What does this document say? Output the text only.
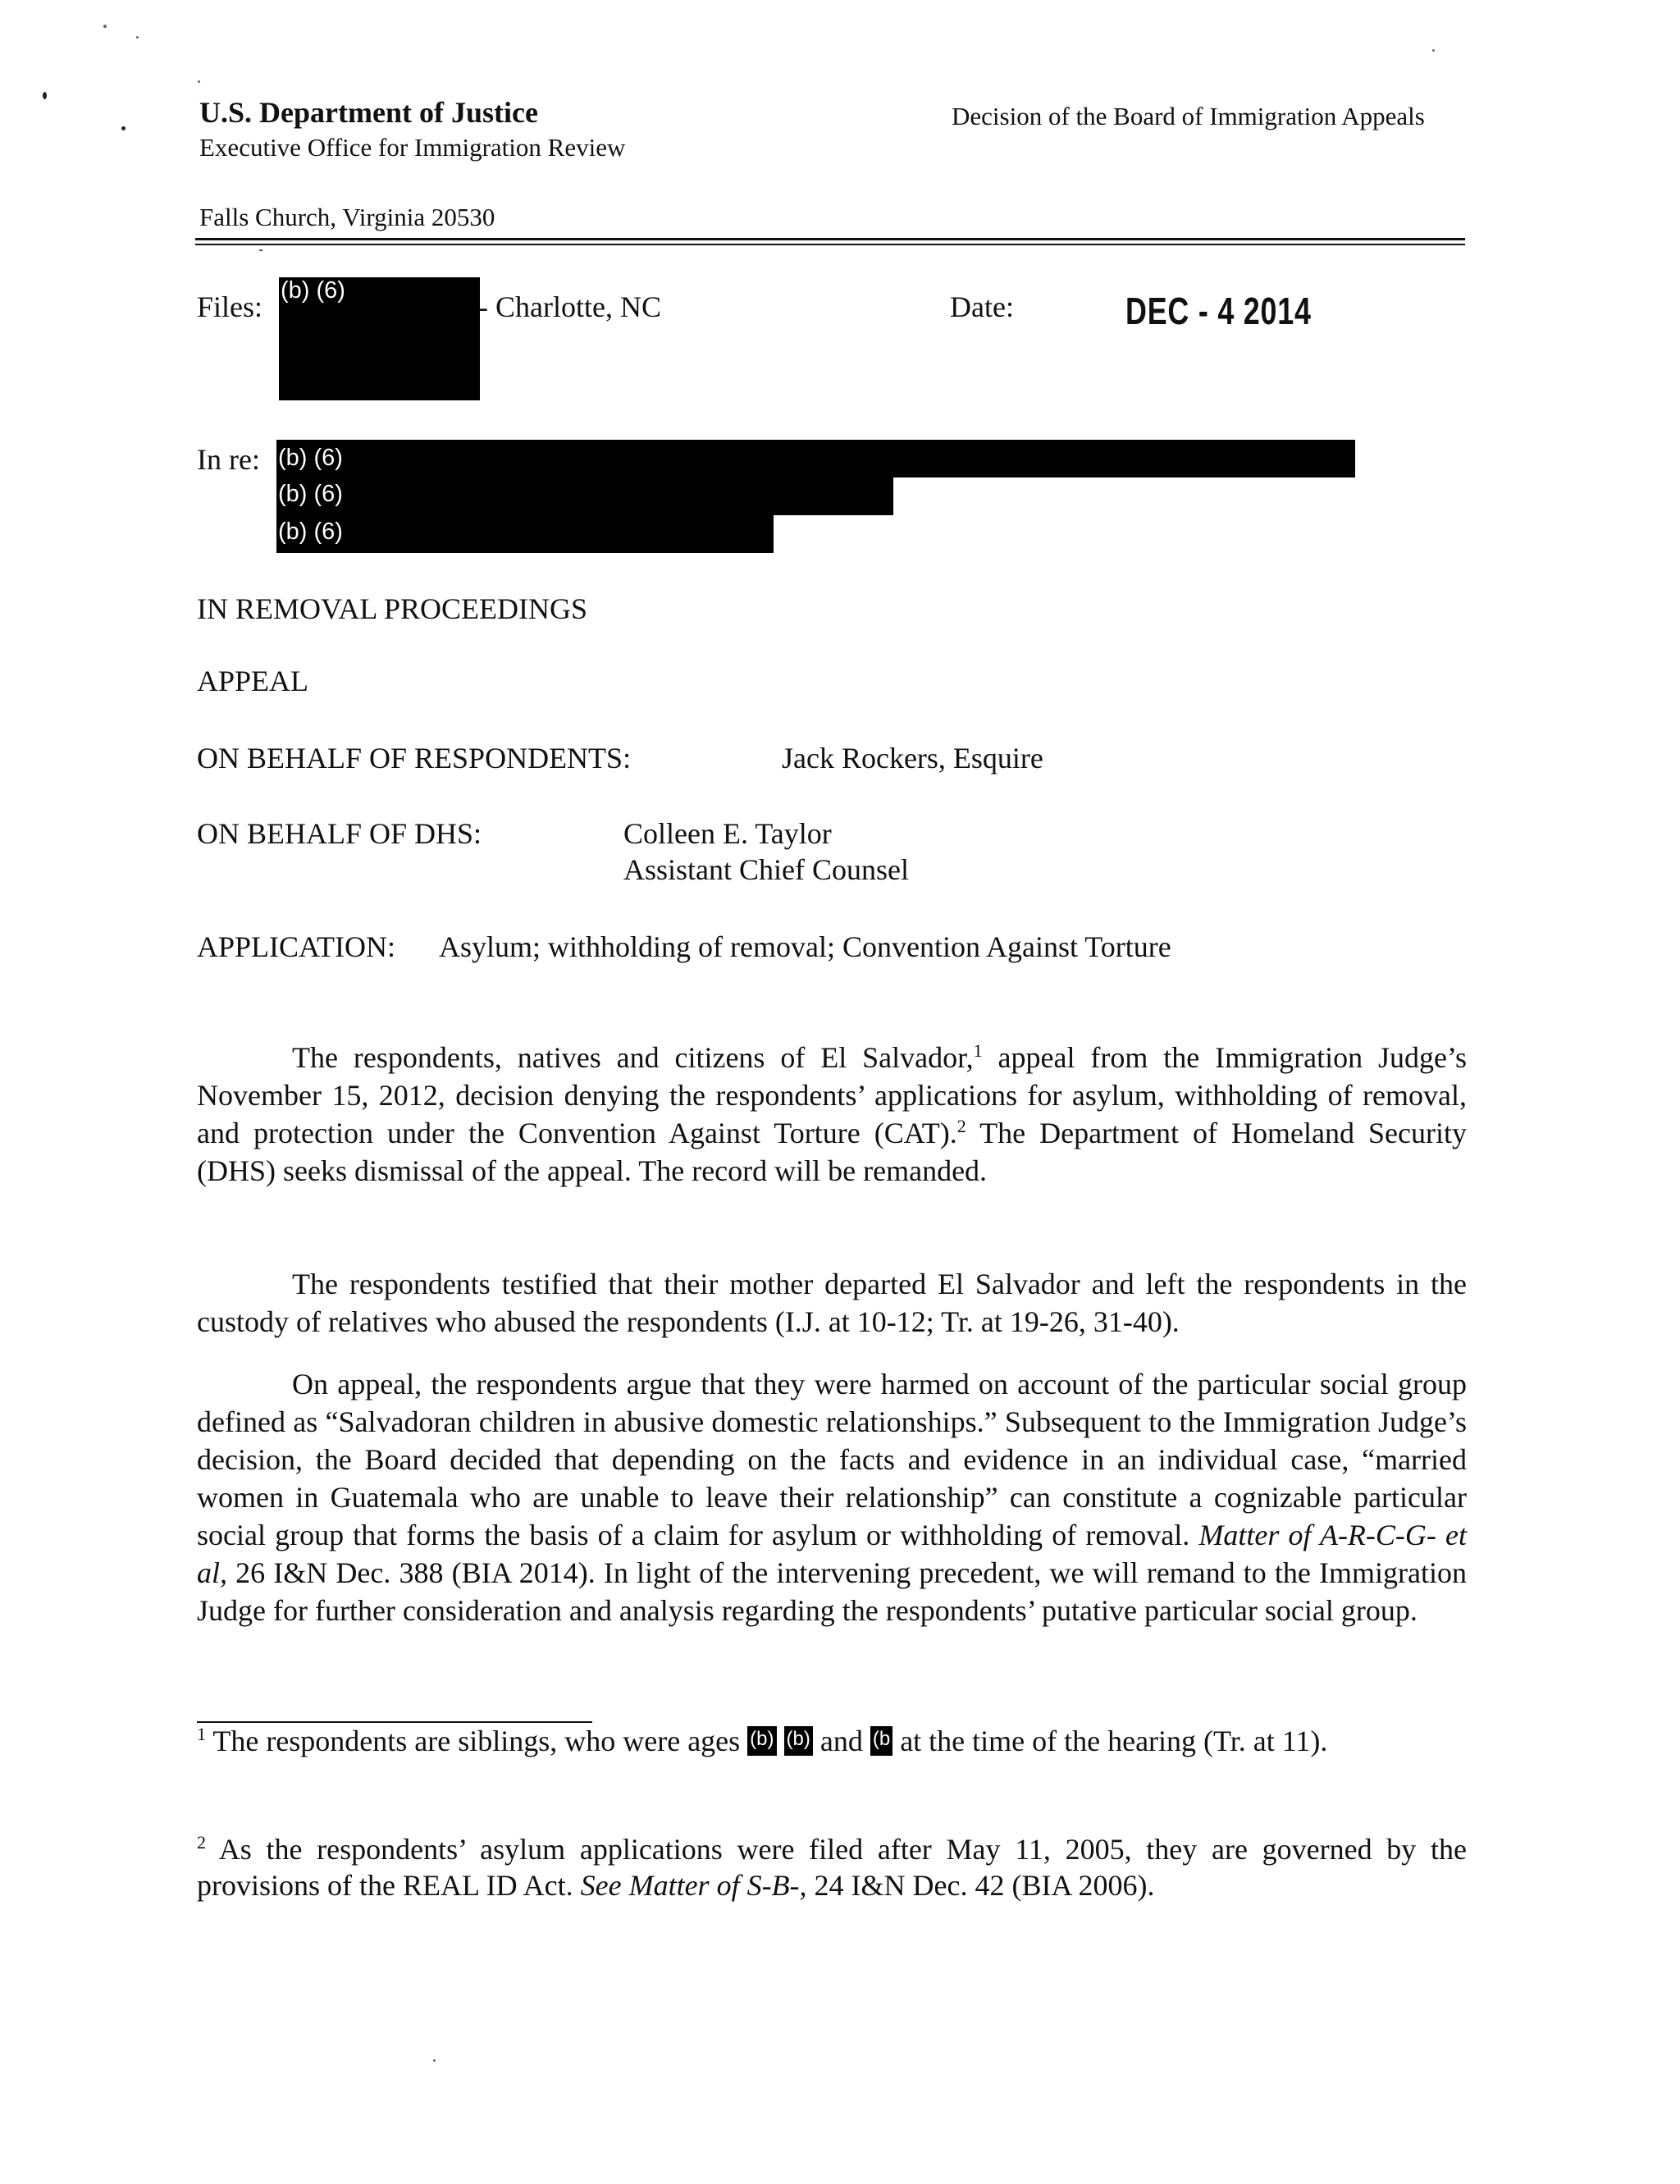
U.S. Department of Justice
Executive Office for Immigration Review
Decision of the Board of Immigration Appeals
Falls Church, Virginia 20530
Files: (b) (6)	- Charlotte, NC	Date:	DEC - 4 2014
In re: (b) (6)
(b) (6)
(b) (6)
IN REMOVAL PROCEEDINGS
APPEAL
ON BEHALF OF RESPONDENTS:	Jack Rockers, Esquire
ON BEHALF OF DHS:	Colleen E. Taylor
Assistant Chief Counsel
APPLICATION: Asylum; withholding of removal; Convention Against Torture
The respondents, natives and citizens of El Salvador,$^1$ appeal from the Immigration Judge’s November 15, 2012, decision denying the respondents’ applications for asylum, withholding of removal, and protection under the Convention Against Torture (CAT).$^2$ The Department of Homeland Security (DHS) seeks dismissal of the appeal. The record will be remanded.
The respondents testified that their mother departed El Salvador and left the respondents in the custody of relatives who abused the respondents (I.J. at 10-12; Tr. at 19-26, 31-40).
On appeal, the respondents argue that they were harmed on account of the particular social group defined as “Salvadoran children in abusive domestic relationships.” Subsequent to the Immigration Judge’s decision, the Board decided that depending on the facts and evidence in an individual case, “married women in Guatemala who are unable to leave their relationship” can constitute a cognizable particular social group that forms the basis of a claim for asylum or withholding of removal. Matter of A-R-C-G- et al, 26 I&N Dec. 388 (BIA 2014). In light of the intervening precedent, we will remand to the Immigration Judge for further consideration and analysis regarding the respondents’ putative particular social group.
$^1$ The respondents are siblings, who were ages (b) (b) and (b at the time of the hearing (Tr. at 11).
$^2$ As the respondents’ asylum applications were filed after May 11, 2005, they are governed by the provisions of the REAL ID Act. See Matter of S-B-, 24 I&N Dec. 42 (BIA 2006).
